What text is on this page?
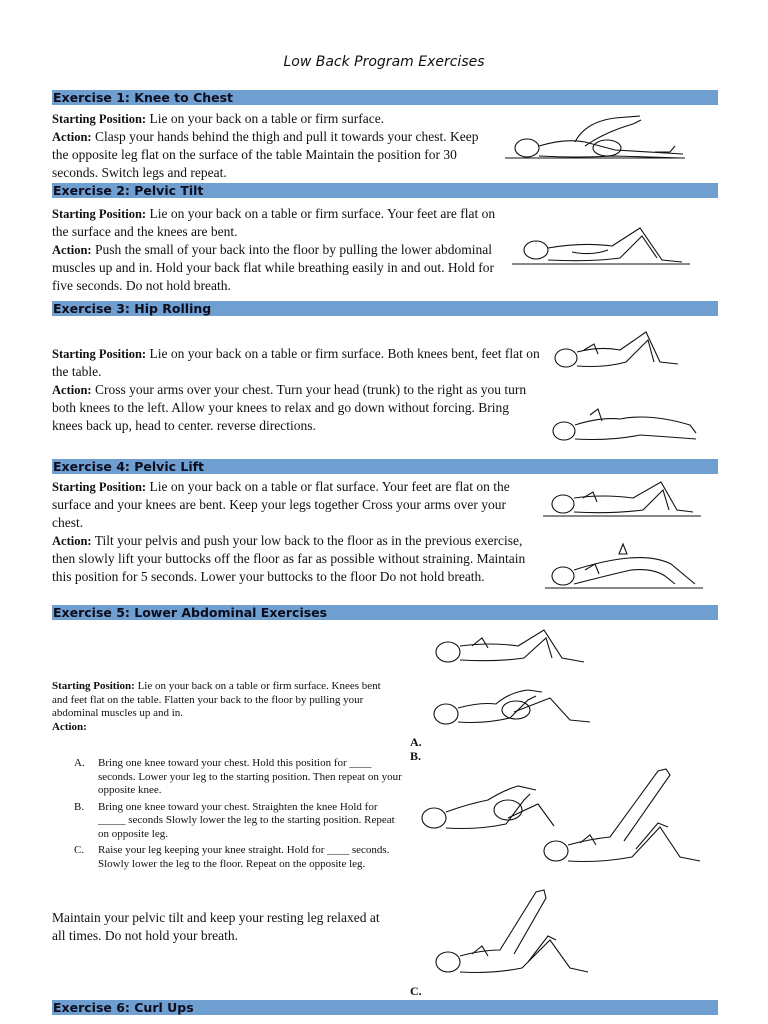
Low Back Program Exercises
Exercise 1: Knee to Chest
Starting Position: Lie on your back on a table or firm surface.
Action: Clasp your hands behind the thigh and pull it towards your chest. Keep the opposite leg flat on the surface of the table Maintain the position for 30 seconds. Switch legs and repeat.
Exercise 2: Pelvic Tilt
Starting Position: Lie on your back on a table or firm surface. Your feet are flat on the surface and the knees are bent.
Action: Push the small of your back into the floor by pulling the lower abdominal muscles up and in. Hold your back flat while breathing easily in and out. Hold for five seconds. Do not hold breath.
Exercise 3: Hip Rolling
Starting Position: Lie on your back on a table or firm surface. Both knees bent, feet flat on the table.
Action: Cross your arms over your chest. Turn your head (trunk) to the right as you turn both knees to the left. Allow your knees to relax and go down without forcing. Bring knees back up, head to center. reverse directions.
Exercise 4: Pelvic Lift
Starting Position: Lie on your back on a table or flat surface. Your feet are flat on the surface and your knees are bent. Keep your legs together Cross your arms over your chest.
Action: Tilt your pelvis and push your low back to the floor as in the previous exercise, then slowly lift your buttocks off the floor as far as possible without straining. Maintain this position for 5 seconds. Lower your buttocks to the floor Do not hold breath.
Exercise 5: Lower Abdominal Exercises
Starting Position: Lie on your back on a table or firm surface. Knees bent and feet flat on the table. Flatten your back to the floor by pulling your abdominal muscles up and in.
Action:
A. Bring one knee toward your chest. Hold this position for ____ seconds. Lower your leg to the starting position. Then repeat on your opposite knee.
B. Bring one knee toward your chest. Straighten the knee Hold for _____ seconds Slowly lower the leg to the starting position. Repeat on opposite leg.
C. Raise your leg keeping your knee straight. Hold for ____ seconds. Slowly lower the leg to the floor. Repeat on the opposite leg.
Maintain your pelvic tilt and keep your resting leg relaxed at all times. Do not hold your breath.
A.
B.
C.
Exercise 6: Curl Ups
